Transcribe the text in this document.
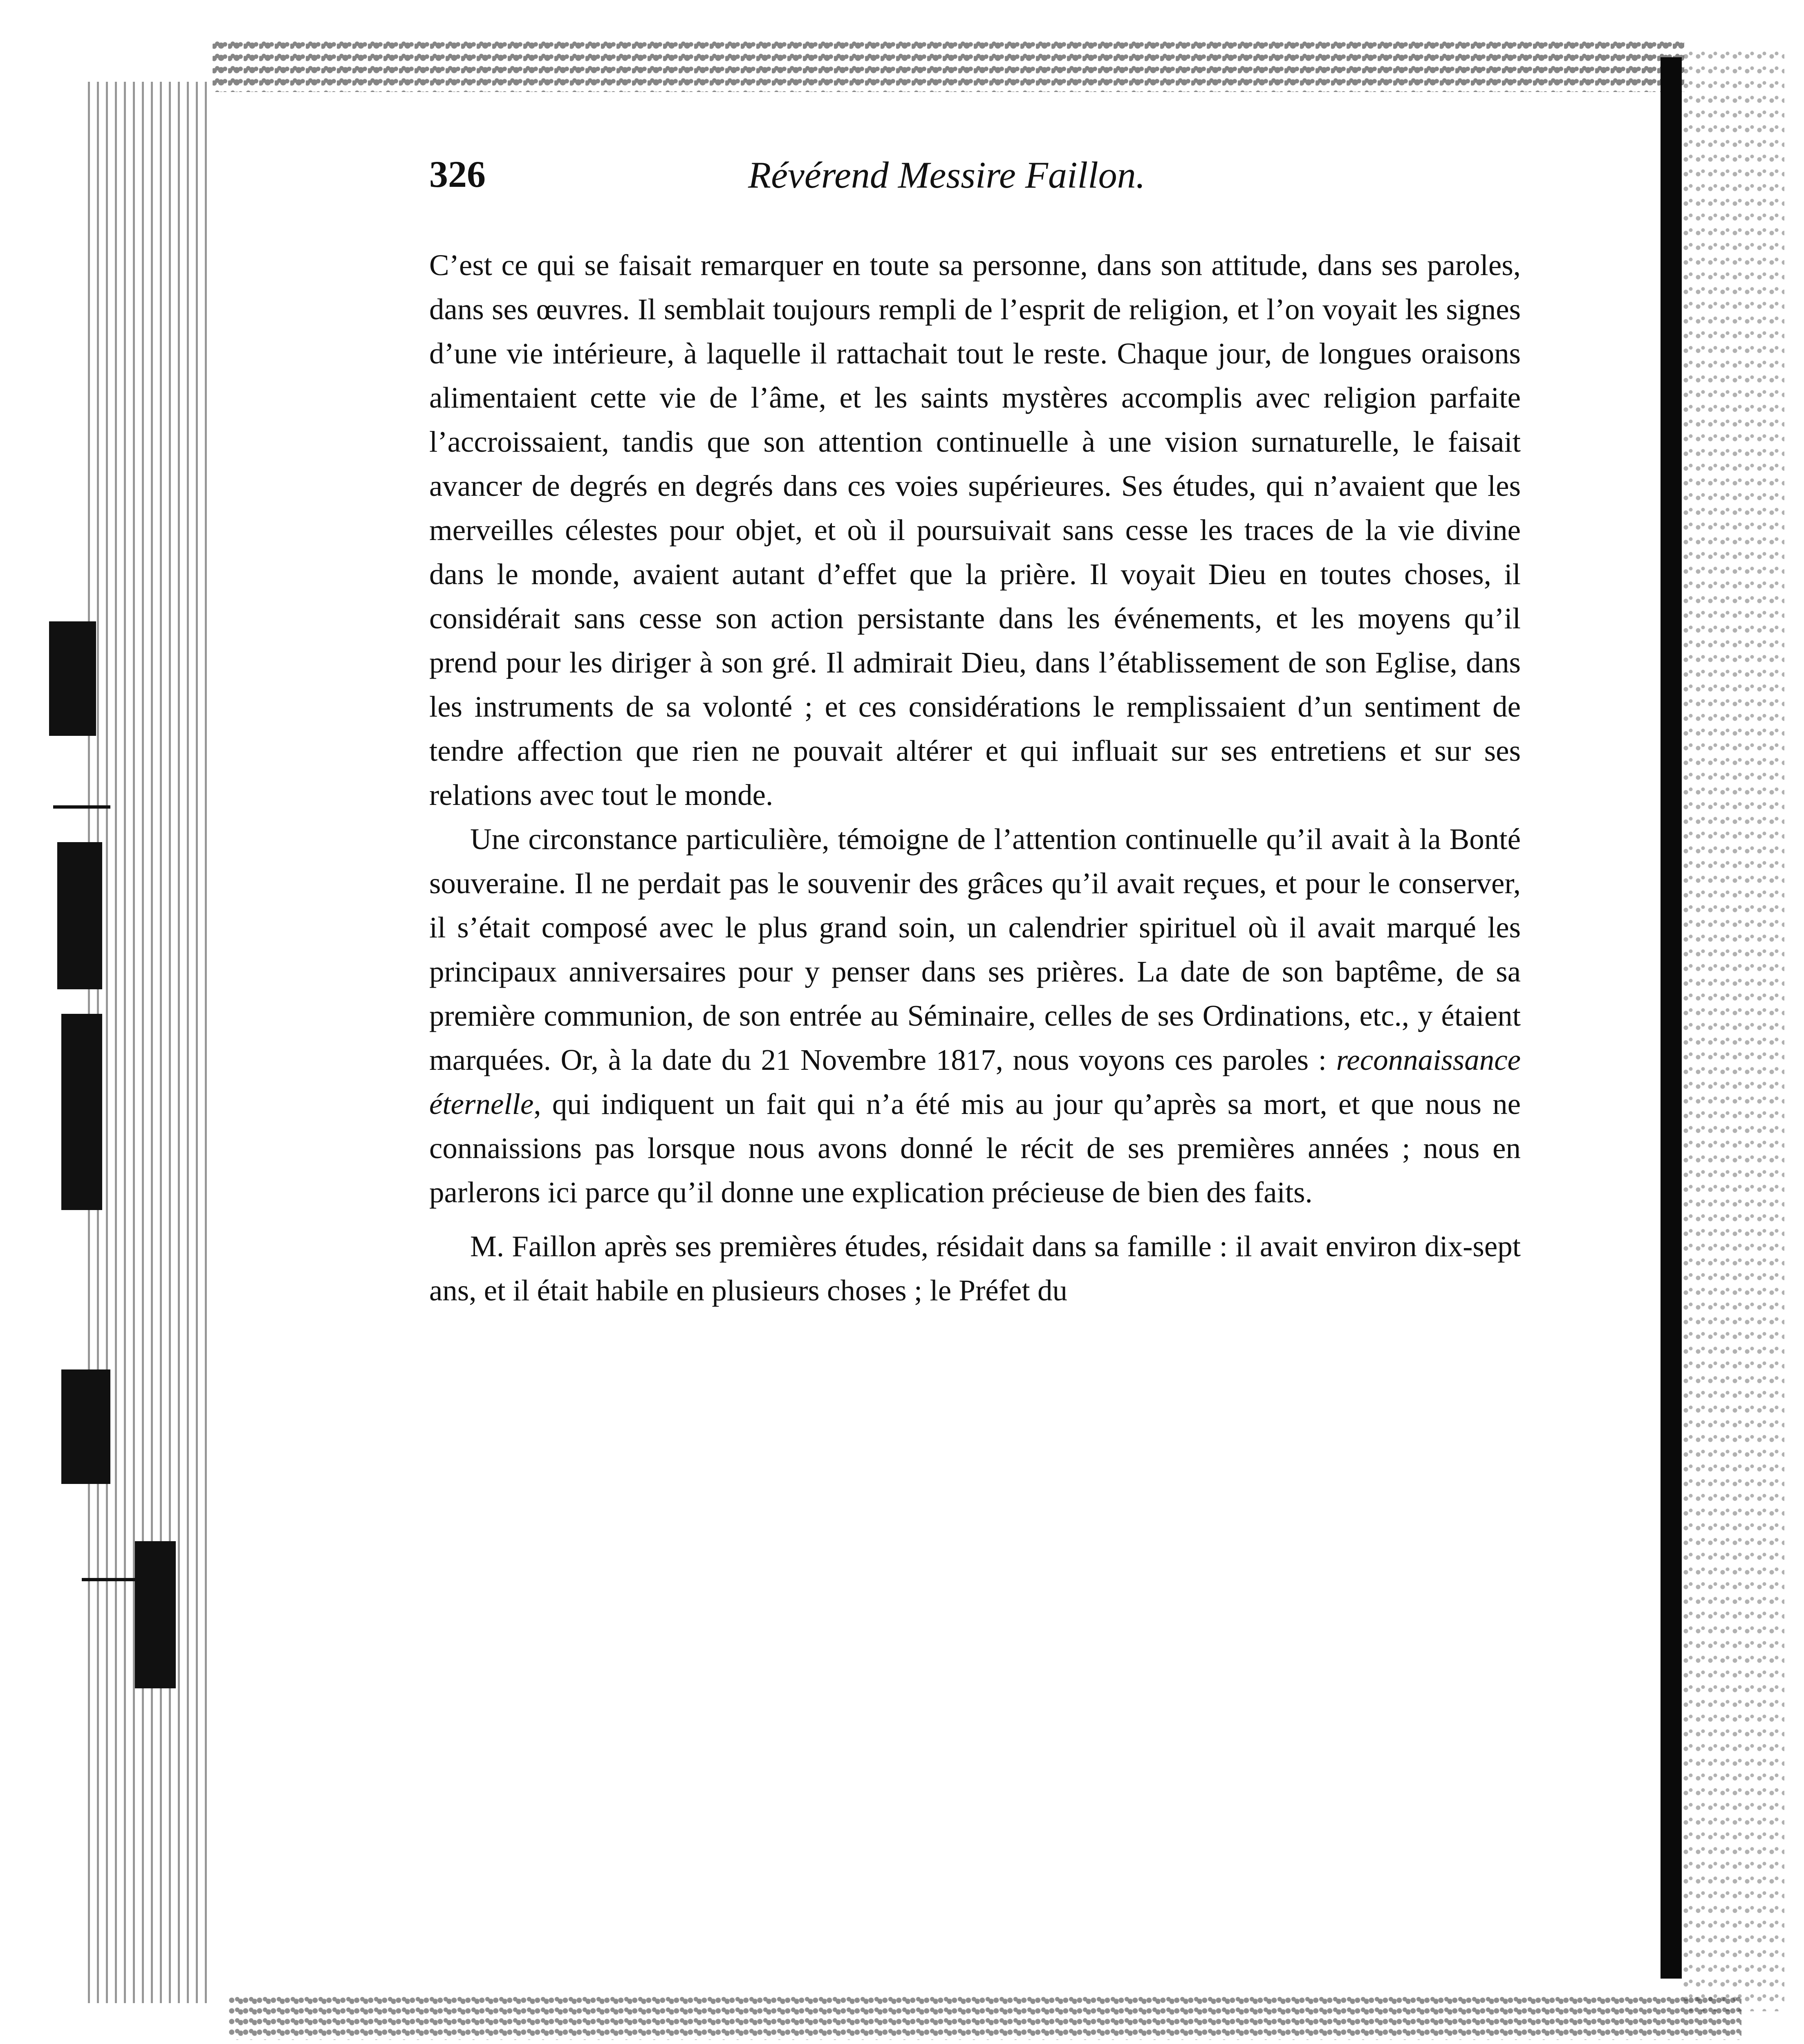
326	Révérend Messire Faillon.

C’est ce qui se faisait remarquer en toute sa personne, dans son attitude, dans ses paroles, dans ses œuvres. Il semblait toujours rempli de l’esprit de religion, et l’on voyait les signes d’une vie intérieure, à laquelle il rattachait tout le reste. Chaque jour, de longues oraisons alimentaient cette vie de l’âme, et les saints mystères accomplis avec religion parfaite l’accroissaient, tandis que son attention continuelle à une vision surnaturelle, le faisait avancer de degrés en degrés dans ces voies supérieures. Ses études, qui n’avaient que les merveilles célestes pour objet, et où il poursuivait sans cesse les traces de la vie divine dans le monde, avaient autant d’effet que la prière. Il voyait Dieu en toutes choses, il considérait sans cesse son action persistante dans les événements, et les moyens qu’il prend pour les diriger à son gré. Il admirait Dieu, dans l’établissement de son Eglise, dans les instruments de sa volonté ; et ces considérations le remplissaient d’un sentiment de tendre affection que rien ne pouvait altérer et qui influait sur ses entretiens et sur ses relations avec tout le monde.

Une circonstance particulière, témoigne de l’attention continuelle qu’il avait à la Bonté souveraine. Il ne perdait pas le souvenir des grâces qu’il avait reçues, et pour le conserver, il s’était composé avec le plus grand soin, un calendrier spirituel où il avait marqué les principaux anniversaires pour y penser dans ses prières. La date de son baptême, de sa première communion, de son entrée au Séminaire, celles de ses Ordinations, etc., y étaient marquées. Or, à la date du 21 Novembre 1817, nous voyons ces paroles : reconnaissance éternelle, qui indiquent un fait qui n’a été mis au jour qu’après sa mort, et que nous ne connaissions pas lorsque nous avons donné le récit de ses premières années ; nous en parlerons ici parce qu’il donne une explication précieuse de bien des faits.

M. Faillon après ses premières études, résidait dans sa famille : il avait environ dix-sept ans, et il était habile en plusieurs choses ; le Préfet du
